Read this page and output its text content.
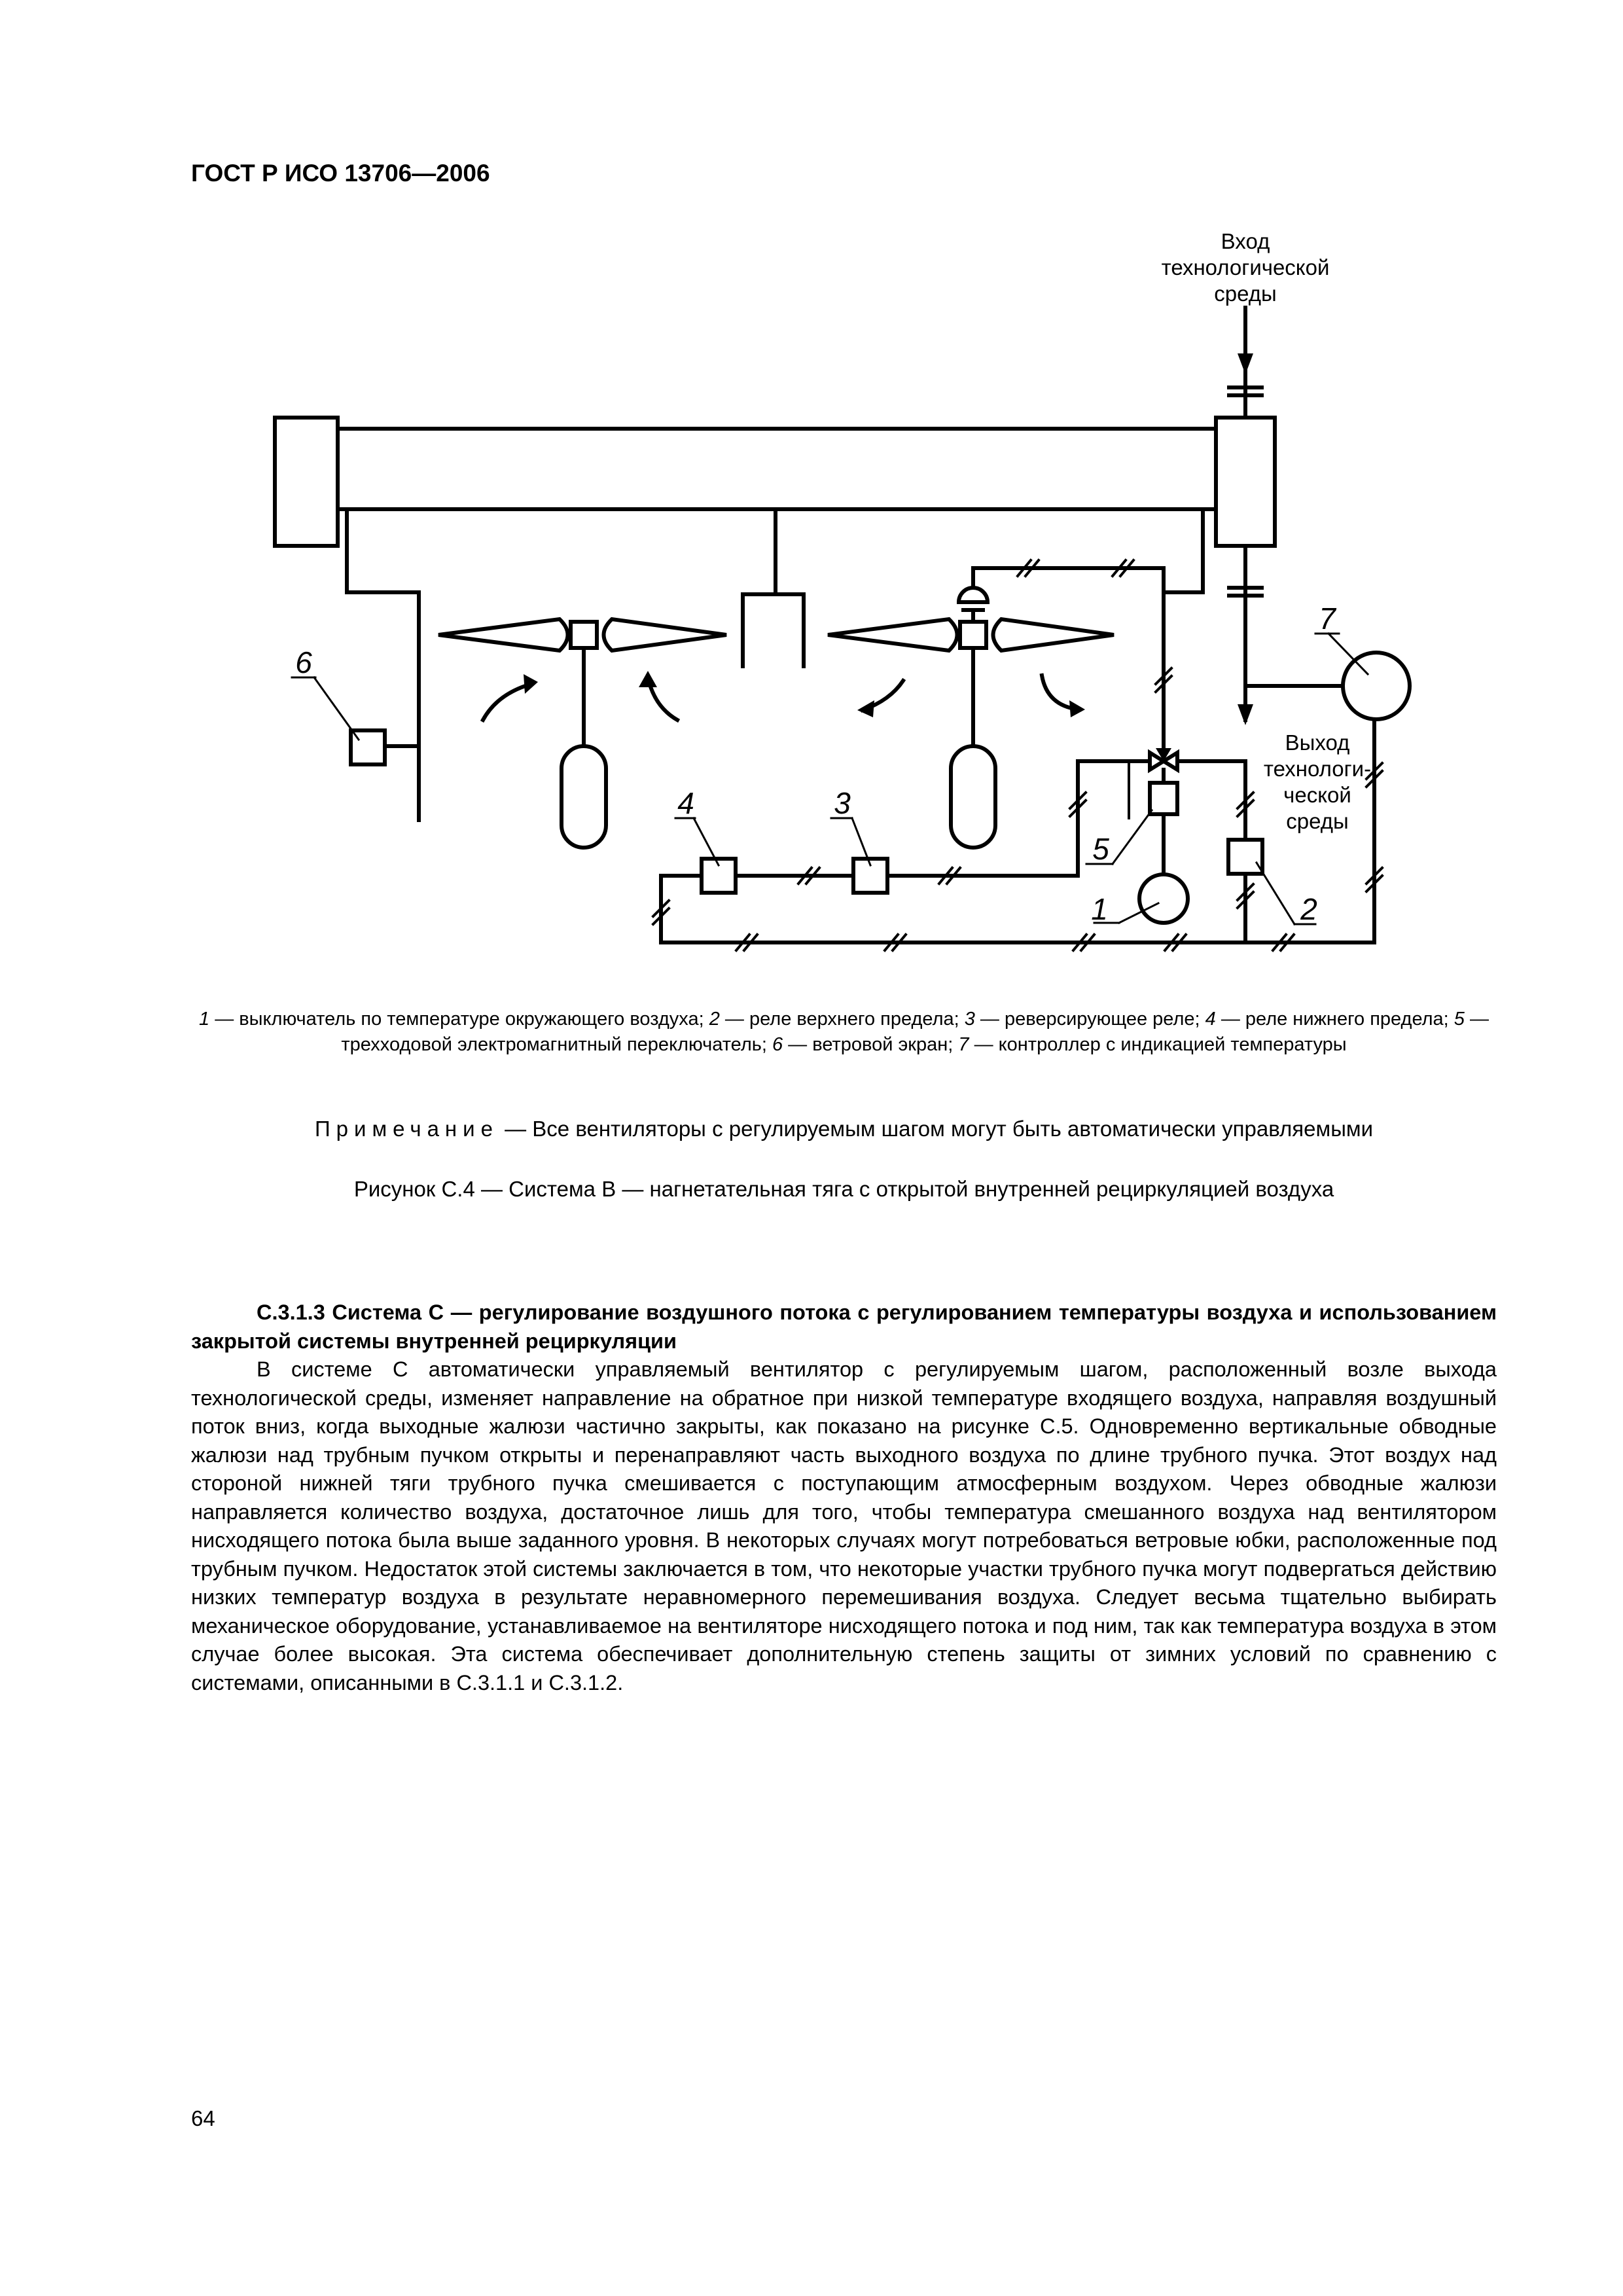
ГОСТ Р ИСО 13706—2006
Вход
технологической
среды
Выход
технологи-
ческой
среды
1	2
3
4
5
6
7
1 — выключатель по температуре окружающего воздуха; 2 — реле верхнего предела; 3 — реверсирующее реле; 4 — реле нижнего предела; 5 — трехходовой электромагнитный переключатель; 6 — ветровой экран; 7 — контроллер с индикацией температуры
Примечание — Все вентиляторы с регулируемым шагом могут быть автоматически управляемыми
Рисунок С.4 — Система В — нагнетательная тяга с открытой внутренней рециркуляцией воздуха

С.3.1.3 Система С — регулирование воздушного потока с регулированием температуры воздуха и использованием закрытой системы внутренней рециркуляции

В системе С автоматически управляемый вентилятор с регулируемым шагом, расположенный возле выхода технологической среды, изменяет направление на обратное при низкой температуре входящего воздуха, направляя воздушный поток вниз, когда выходные жалюзи частично закрыты, как показано на рисунке С.5. Одновременно вертикальные обводные жалюзи над трубным пучком открыты и перенаправляют часть выходного воздуха по длине трубного пучка. Этот воздух над стороной нижней тяги трубного пучка смешивается с поступающим атмосферным воздухом. Через обводные жалюзи направляется количество воздуха, достаточное лишь для того, чтобы температура смешанного воздуха над вентилятором нисходящего потока была выше заданного уровня. В некоторых случаях могут потребоваться ветровые юбки, расположенные под трубным пучком. Недостаток этой системы заключается в том, что некоторые участки трубного пучка могут подвергаться действию низких температур воздуха в результате неравномерного перемешивания воздуха. Следует весьма тщательно выбирать механическое оборудование, устанавливаемое на вентиляторе нисходящего потока и под ним, так как температура воздуха в этом случае более высокая. Эта система обеспечивает дополнительную степень защиты от зимних условий по сравнению с системами, описанными в С.3.1.1 и С.3.1.2.

64
